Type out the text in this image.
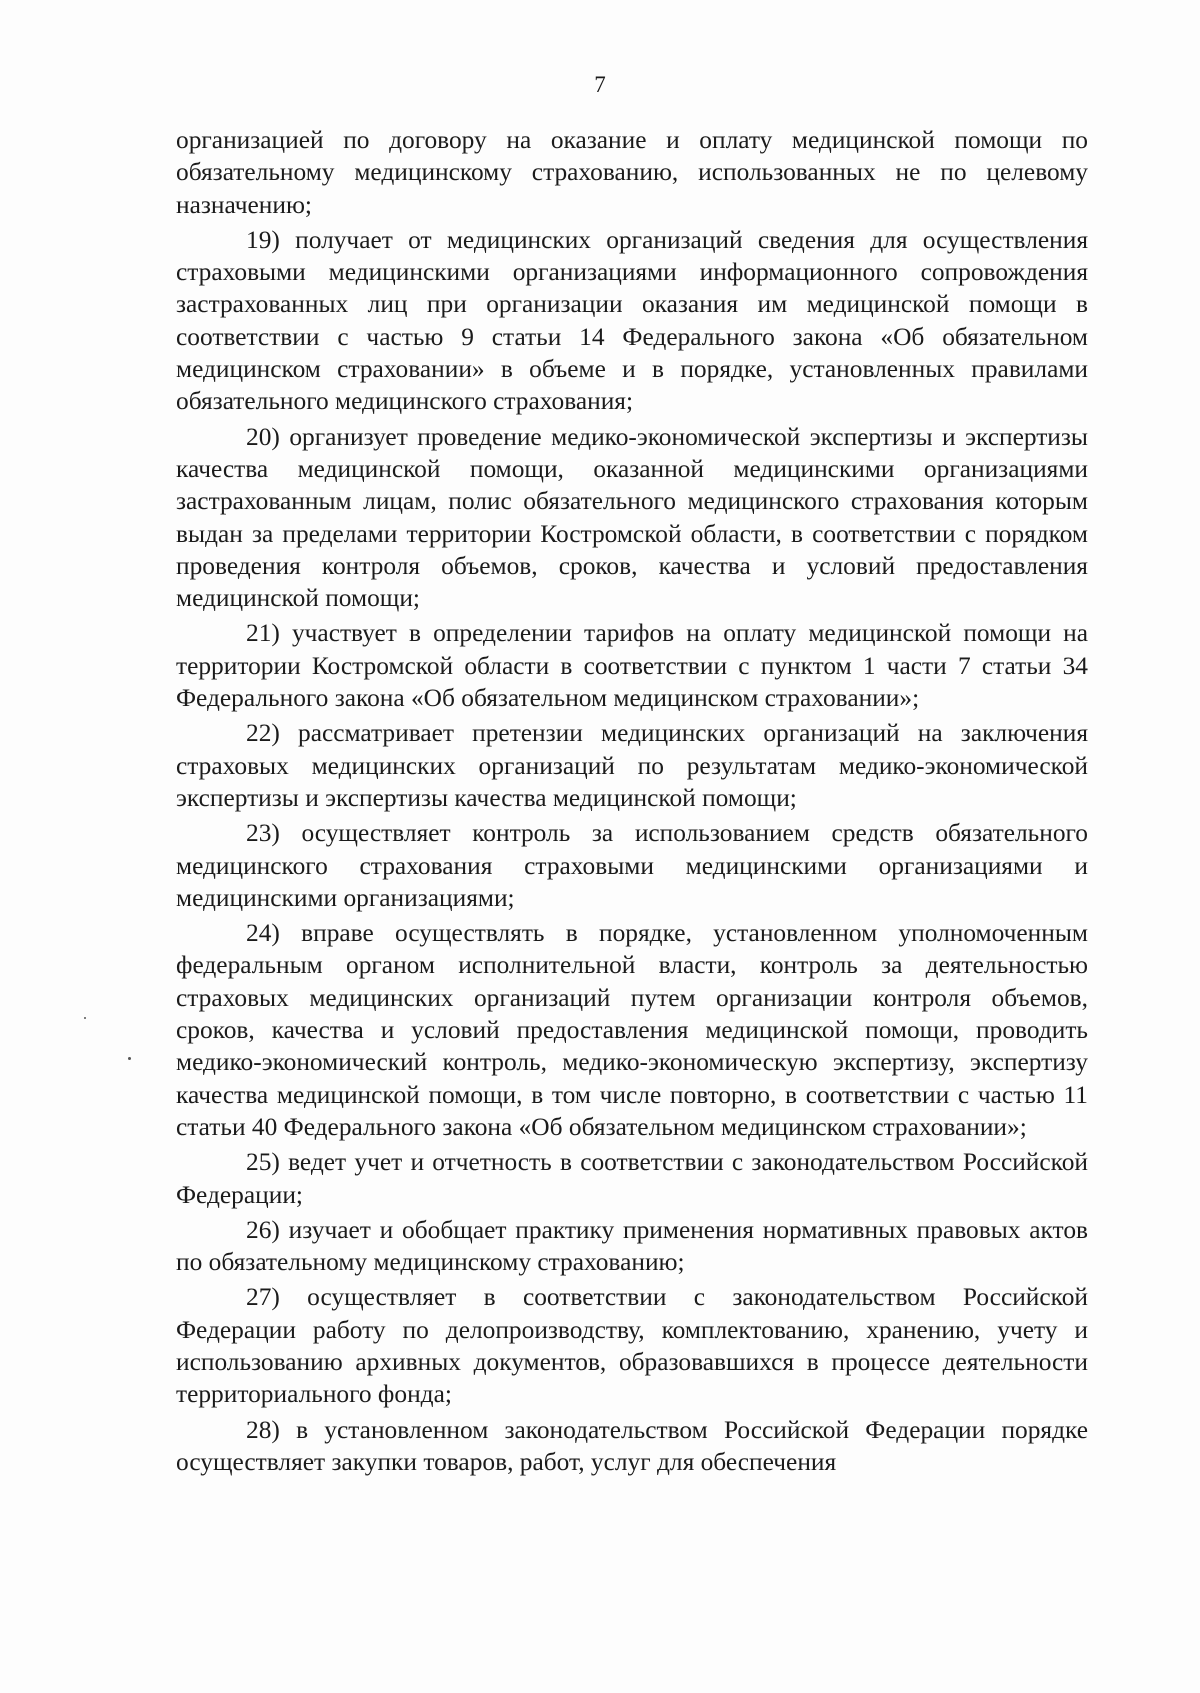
7

организацией по договору на оказание и оплату медицинской помощи по обязательному медицинскому страхованию, использованных не по целевому назначению;

19) получает от медицинских организаций сведения для осуществления страховыми медицинскими организациями информационного сопровождения застрахованных лиц при организации оказания им медицинской помощи в соответствии с частью 9 статьи 14 Федерального закона «Об обязательном медицинском страховании» в объеме и в порядке, установленных правилами обязательного медицинского страхования;

20) организует проведение медико-экономической экспертизы и экспертизы качества медицинской помощи, оказанной медицинскими организациями застрахованным лицам, полис обязательного медицинского страхования которым выдан за пределами территории Костромской области, в соответствии с порядком проведения контроля объемов, сроков, качества и условий предоставления медицинской помощи;

21) участвует в определении тарифов на оплату медицинской помощи на территории Костромской области в соответствии с пунктом 1 части 7 статьи 34 Федерального закона «Об обязательном медицинском страховании»;

22) рассматривает претензии медицинских организаций на заключения страховых медицинских организаций по результатам медико-экономической экспертизы и экспертизы качества медицинской помощи;

23) осуществляет контроль за использованием средств обязательного медицинского страхования страховыми медицинскими организациями и медицинскими организациями;

24) вправе осуществлять в порядке, установленном уполномоченным федеральным органом исполнительной власти, контроль за деятельностью страховых медицинских организаций путем организации контроля объемов, сроков, качества и условий предоставления медицинской помощи, проводить медико-экономический контроль, медико-экономическую экспертизу, экспертизу качества медицинской помощи, в том числе повторно, в соответствии с частью 11 статьи 40 Федерального закона «Об обязательном медицинском страховании»;

25) ведет учет и отчетность в соответствии с законодательством Российской Федерации;

26) изучает и обобщает практику применения нормативных правовых актов по обязательному медицинскому страхованию;

27) осуществляет в соответствии с законодательством Российской Федерации работу по делопроизводству, комплектованию, хранению, учету и использованию архивных документов, образовавшихся в процессе деятельности территориального фонда;

28) в установленном законодательством Российской Федерации порядке осуществляет закупки товаров, работ, услуг для обеспечения
